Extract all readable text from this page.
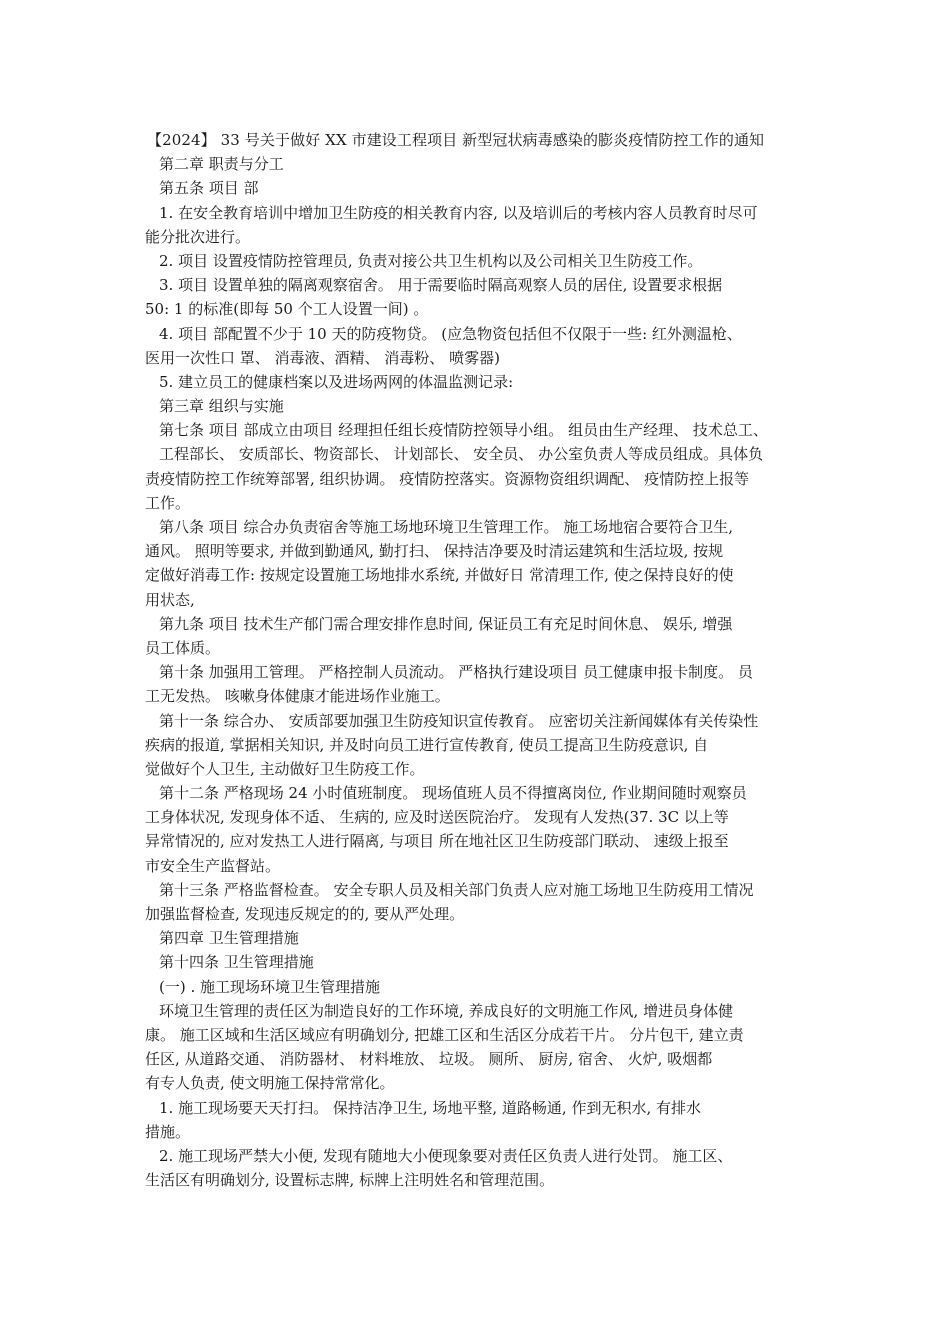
【2024】 33 号关于做好 XX 市建设工程项目 新型冠状病毒感染的膨炎疫情防控工作的通知
第二章 职责与分工
第五条 项目 部
1. 在安全教育培训中增加卫生防疫的相关教育内容, 以及培训后的考核内容人员教育时尽可
能分批次进行。
2. 项目 设置疫情防控管理员, 负责对接公共卫生机构以及公司相关卫生防疫工作。
3. 项目 设置单独的隔离观察宿舍。 用于需要临时隔高观察人员的居住, 设置要求根据
50: 1 的标准(即每 50 个工人设置一间) 。
4. 项目 部配置不少于 10 天的防疫物贷。 (应急物资包括但不仅限于一些: 红外测温枪、
医用一次性口 罩、 消毒液、酒精、 消毒粉、 喷雾器)
5. 建立员工的健康档案以及进场两网的体温监测记录:
第三章 组织与实施
第七条 项目 部成立由项目 经理担任组长疫情防控领导小组。 组员由生产经理、 技术总工、
工程部长、 安质部长、物资部长、 计划部长、 安全员、 办公室负责人等成员组成。具体负
责疫情防控工作统筹部署, 组织协调。 疫情防控落实。资源物资组织调配、 疫情防控上报等
工作。
第八条 项目 综合办负责宿舍等施工场地环境卫生管理工作。 施工场地宿合要符合卫生,
通风。 照明等要求, 并做到勤通风, 勤打扫、 保持洁净要及时清运建筑和生活垃圾, 按规
定做好消毒工作: 按规定设置施工场地排水系统, 并做好日 常清理工作, 使之保持良好的使
用状态,
第九条 项目 技术生产郁门需合理安排作息时间, 保证员工有充足时间休息、 娱乐, 增强
员工体质。
第十条 加强用工管理。 严格控制人员流动。 严格执行建设项目 员工健康申报卡制度。 员
工无发热。 咳嗽身体健康才能进场作业施工。
第十一条 综合办、 安质部要加强卫生防疫知识宣传教育。 应密切关注新闻媒体有关传染性
疾病的报道, 掌据相关知识, 并及时向员工进行宣传教育, 使员工提高卫生防疫意识, 自
觉做好个人卫生, 主动做好卫生防疫工作。
第十二条 严格现场 24 小时值班制度。 现场值班人员不得擅离岗位, 作业期间随时观察员
工身体状况, 发现身体不适、 生病的, 应及时送医院治疗。 发现有人发热(37. 3C 以上等
异常情况的, 应对发热工人进行隔离, 与项目 所在地社区卫生防疫部门联动、 速级上报至
市安全生产监督站。
第十三条 严格监督检查。 安全专职人员及相关部门负责人应对施工场地卫生防疫用工情况
加强监督检查, 发现违反规定的的, 要从严处理。
第四章 卫生管理措施
第十四条 卫生管理措施
(一) . 施工现场环境卫生管理措施
环境卫生管理的责任区为制造良好的工作环境, 养成良好的文明施工作风, 增进员身体健
康。 施工区域和生活区域应有明确划分, 把雄工区和生活区分成若干片。 分片包干, 建立责
任区, 从道路交通、 消防器材、 材料堆放、 垃圾。 厕所、 厨房, 宿舍、 火炉, 吸烟都
有专人负责, 使文明施工保持常常化。
1. 施工现场要天天打扫。 保持洁净卫生, 场地平整, 道路畅通, 作到无积水, 有排水
措施。
2. 施工现场严禁大小便, 发现有随地大小便现象要对责任区负责人进行处罚。 施工区、
生活区有明确划分, 设置标志牌, 标牌上注明姓名和管理范围。
